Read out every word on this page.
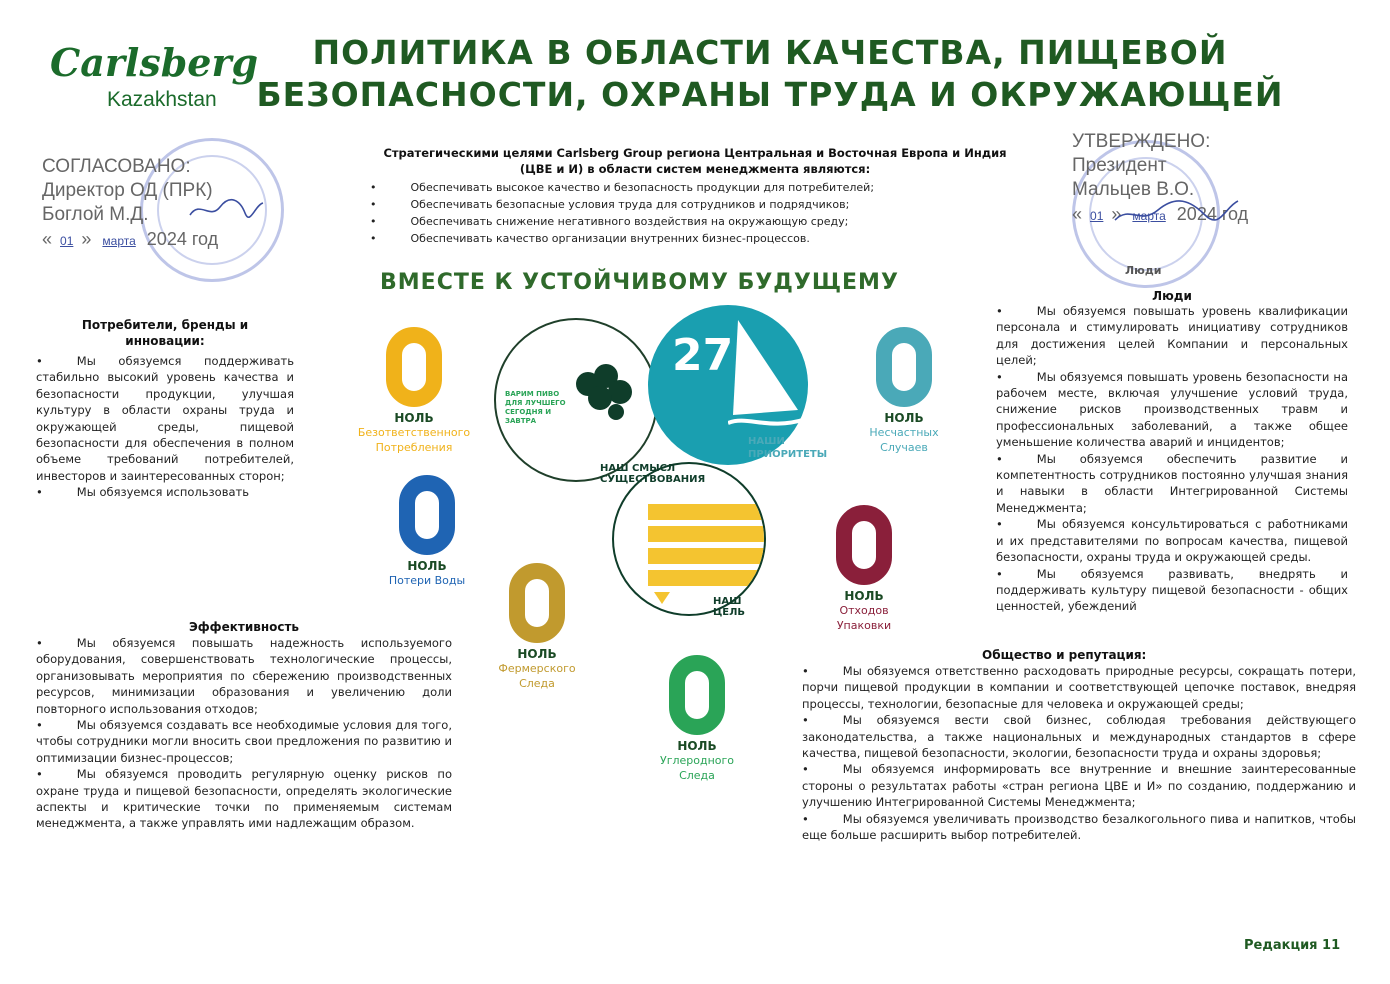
Carlsberg
Kazakhstan
ПОЛИТИКА В ОБЛАСТИ КАЧЕСТВА, ПИЩЕВОЙ
БЕЗОПАСНОСТИ, ОХРАНЫ ТРУДА И ОКРУЖАЮЩЕЙ
СОГЛАСОВАНО:
Директор ОД (ПРК)
Боглой М.Д.
« 01 » марта 2024 год
УТВЕРЖДЕНО:
Президент
Мальцев В.О.
« 01 » марта 2024 год
Люди
Стратегическими целями Carlsberg Group региона Центральная и Восточная Европа и Индия (ЦВЕ и И) в области систем менеджмента являются:
• Обеспечивать высокое качество и безопасность продукции для потребителей;
• Обеспечивать безопасные условия труда для сотрудников и подрядчиков;
• Обеспечивать снижение негативного воздействия на окружающую среду;
• Обеспечивать качество организации внутренних бизнес-процессов.
ВМЕСТЕ К УСТОЙЧИВОМУ БУДУЩЕМУ
Потребители, бренды и инновации:
• Мы обязуемся поддерживать стабильно высокий уровень качества и безопасности продукции, улучшая культуру в области охраны труда и окружающей среды, пищевой безопасности для обеспечения в полном объеме требований потребителей, инвесторов и заинтересованных сторон;
• Мы обязуемся использовать
Эффективность
• Мы обязуемся повышать надежность используемого оборудования, совершенствовать технологические процессы, организовывать мероприятия по сбережению производственных ресурсов, минимизации образования и увеличению доли повторного использования отходов;
• Мы обязуемся создавать все необходимые условия для того, чтобы сотрудники могли вносить свои предложения по развитию и оптимизации бизнес-процессов;
• Мы обязуемся проводить регулярную оценку рисков по охране труда и пищевой безопасности, определять экологические аспекты и критические точки по применяемым системам менеджмента, а также управлять ими надлежащим образом.
Люди
• Мы обязуемся повышать уровень квалификации персонала и стимулировать инициативу сотрудников для достижения целей Компании и персональных целей;
• Мы обязуемся повышать уровень безопасности на рабочем месте, включая улучшение условий труда, снижение рисков производственных травм и профессиональных заболеваний, а также общее уменьшение количества аварий и инцидентов;
• Мы обязуемся обеспечить развитие и компетентность сотрудников постоянно улучшая знания и навыки в области Интегрированной Системы Менеджмента;
• Мы обязуемся консультироваться с работниками и их представителями по вопросам качества, пищевой безопасности, охраны труда и окружающей среды.
• Мы обязуемся развивать, внедрять и поддерживать культуру пищевой безопасности - общих ценностей, убеждений
Общество и репутация:
• Мы обязуемся ответственно расходовать природные ресурсы, сокращать потери, порчи пищевой продукции в компании и соответствующей цепочке поставок, внедряя процессы, технологии, безопасные для человека и окружающей среды;
• Мы обязуемся вести свой бизнес, соблюдая требования действующего законодательства, а также национальных и международных стандартов в сфере качества, пищевой безопасности, экологии, безопасности труда и охраны здоровья;
• Мы обязуемся информировать все внутренние и внешние заинтересованные стороны о результатах работы «стран региона ЦВЕ и И» по созданию, поддержанию и улучшению Интегрированной Системы Менеджмента;
• Мы обязуемся увеличивать производство безалкогольного пива и напитков, чтобы еще больше расширить выбор потребителей.
ВАРИМ ПИВО ДЛЯ ЛУЧШЕГО СЕГОДНЯ И ЗАВТРА
НАШ СМЫСЛ СУЩЕСТВОВАНИЯ
27
НАШИ ПРИОРИТЕТЫ
НАШ ЦЕЛЬ
НОЛЬ
Безответственного Потребления
НОЛЬ
Несчастных Случаев
НОЛЬ
Потери Воды
НОЛЬ
Отходов Упаковки
НОЛЬ
Фермерского Следа
НОЛЬ
Углеродного Следа
Редакция 11
